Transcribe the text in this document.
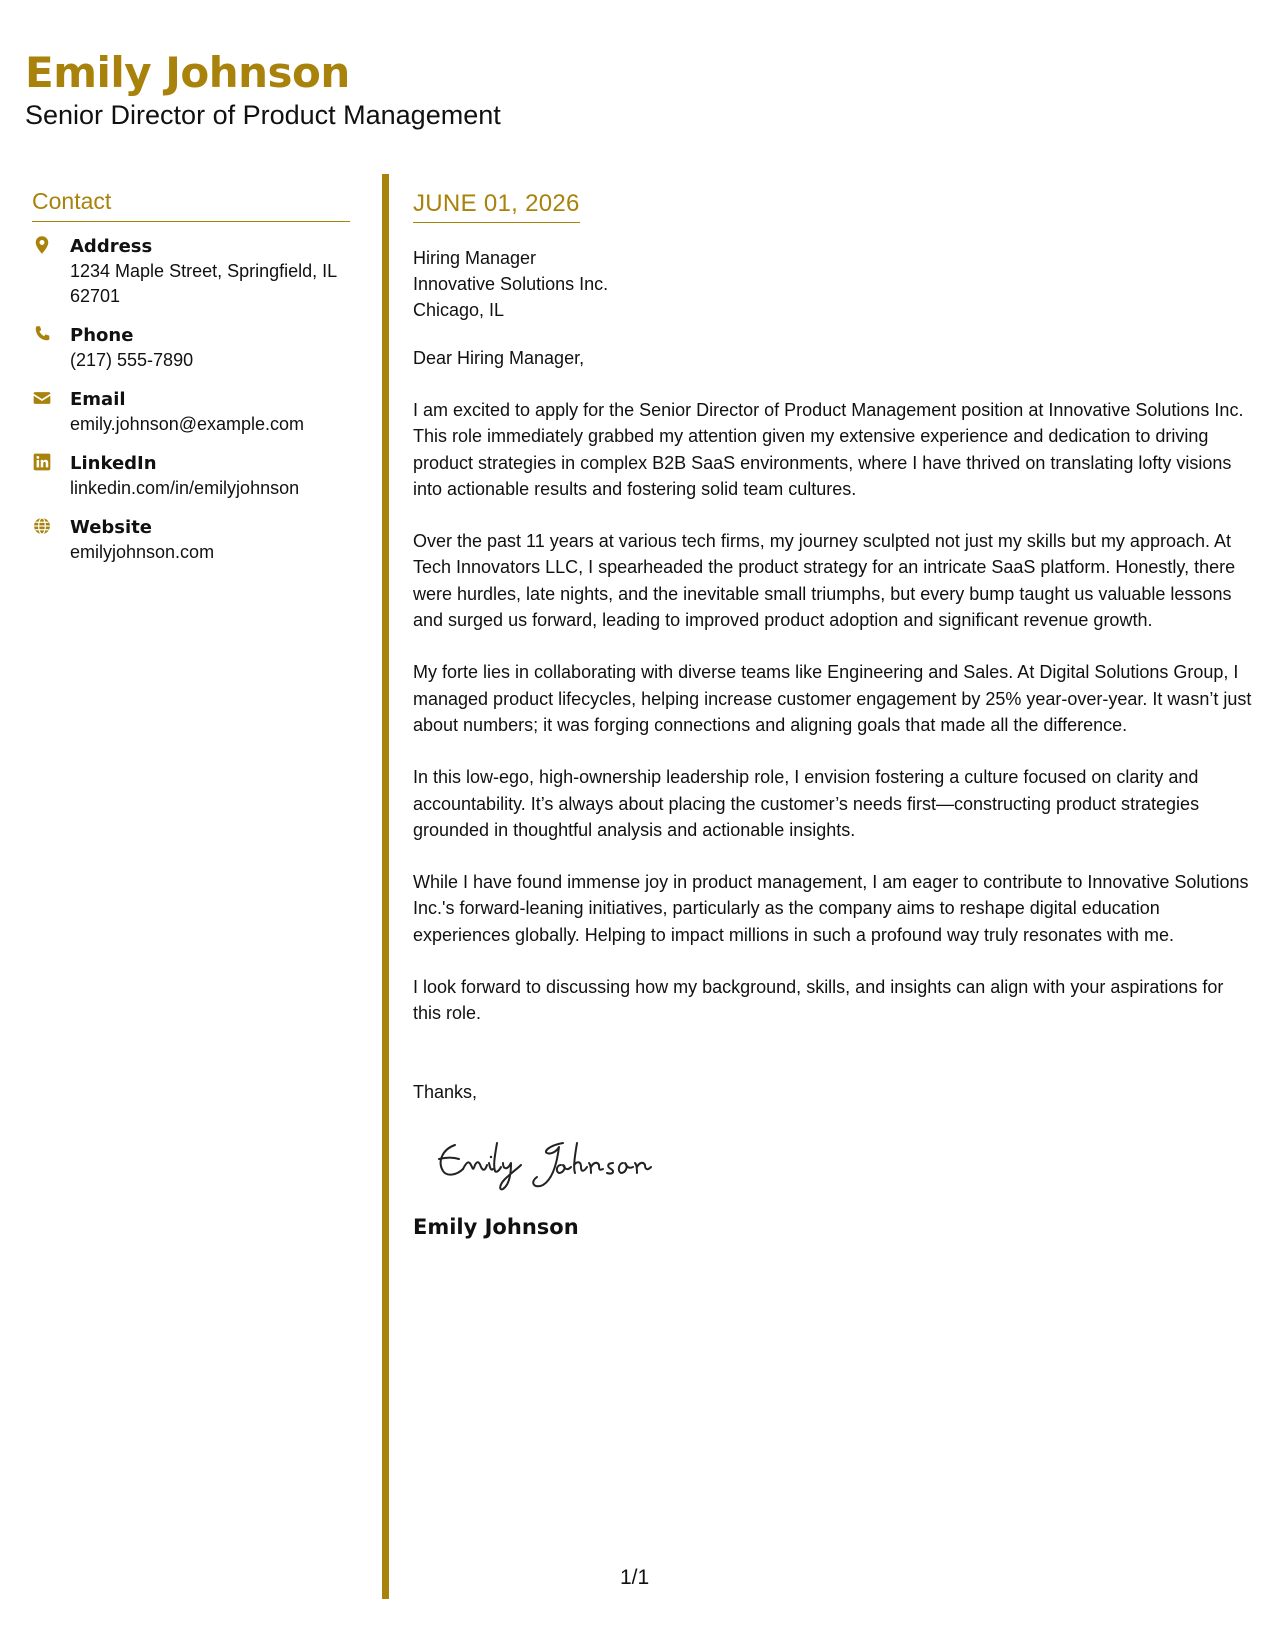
Emily Johnson
Senior Director of Product Management
Contact
Address
1234 Maple Street, Springfield, IL 62701
Phone
(217) 555-7890
Email
emily.johnson@example.com
LinkedIn
linkedin.com/in/emilyjohnson
Website
emilyjohnson.com
JUNE 01, 2026
Hiring Manager
Innovative Solutions Inc.
Chicago, IL
Dear Hiring Manager,
I am excited to apply for the Senior Director of Product Management position at Innovative Solutions Inc. This role immediately grabbed my attention given my extensive experience and dedication to driving product strategies in complex B2B SaaS environments, where I have thrived on translating lofty visions into actionable results and fostering solid team cultures.
Over the past 11 years at various tech firms, my journey sculpted not just my skills but my approach. At Tech Innovators LLC, I spearheaded the product strategy for an intricate SaaS platform. Honestly, there were hurdles, late nights, and the inevitable small triumphs, but every bump taught us valuable lessons and surged us forward, leading to improved product adoption and significant revenue growth.
My forte lies in collaborating with diverse teams like Engineering and Sales. At Digital Solutions Group, I managed product lifecycles, helping increase customer engagement by 25% year-over-year. It wasn’t just about numbers; it was forging connections and aligning goals that made all the difference.
In this low-ego, high-ownership leadership role, I envision fostering a culture focused on clarity and accountability. It’s always about placing the customer’s needs first—constructing product strategies grounded in thoughtful analysis and actionable insights.
While I have found immense joy in product management, I am eager to contribute to Innovative Solutions Inc.'s forward-leaning initiatives, particularly as the company aims to reshape digital education experiences globally. Helping to impact millions in such a profound way truly resonates with me.
I look forward to discussing how my background, skills, and insights can align with your aspirations for this role.
Thanks,
Emily Johnson
1/1
